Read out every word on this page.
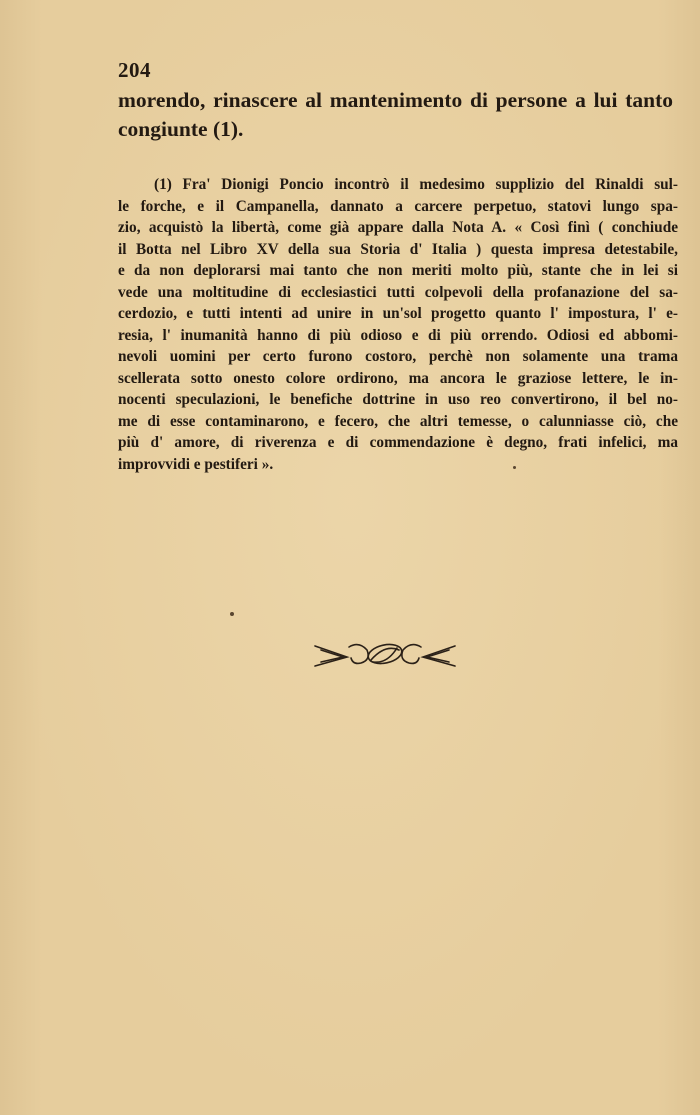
204
morendo, rinascere al mantenimento di persone a lui tanto
congiunte (1).
(1) Fra' Dionigi Poncio incontrò il medesimo supplizio del Rinaldi sul-
le forche, e il Campanella, dannato a carcere perpetuo, statovi lungo spa-
zio, acquistò la libertà, come già appare dalla Nota A. « Così finì ( conchiude
il Botta nel Libro XV della sua Storia d' Italia ) questa impresa detestabile,
e da non deplorarsi mai tanto che non meriti molto più, stante che in lei si
vede una moltitudine di ecclesiastici tutti colpevoli della profanazione del sa-
cerdozio, e tutti intenti ad unire in un'sol progetto quanto l' impostura, l' e-
resia, l' inumanità hanno di più odioso e di più orrendo. Odiosi ed abbomi-
nevoli uomini per certo furono costoro, perchè non solamente una trama
scellerata sotto onesto colore ordirono, ma ancora le graziose lettere, le in-
nocenti speculazioni, le benefiche dottrine in uso reo convertirono, il bel no-
me di esse contaminarono, e fecero, che altri temesse, o calunniasse ciò, che
più d' amore, di riverenza e di commendazione è degno, frati infelici, ma
improvvidi e pestiferi ».
